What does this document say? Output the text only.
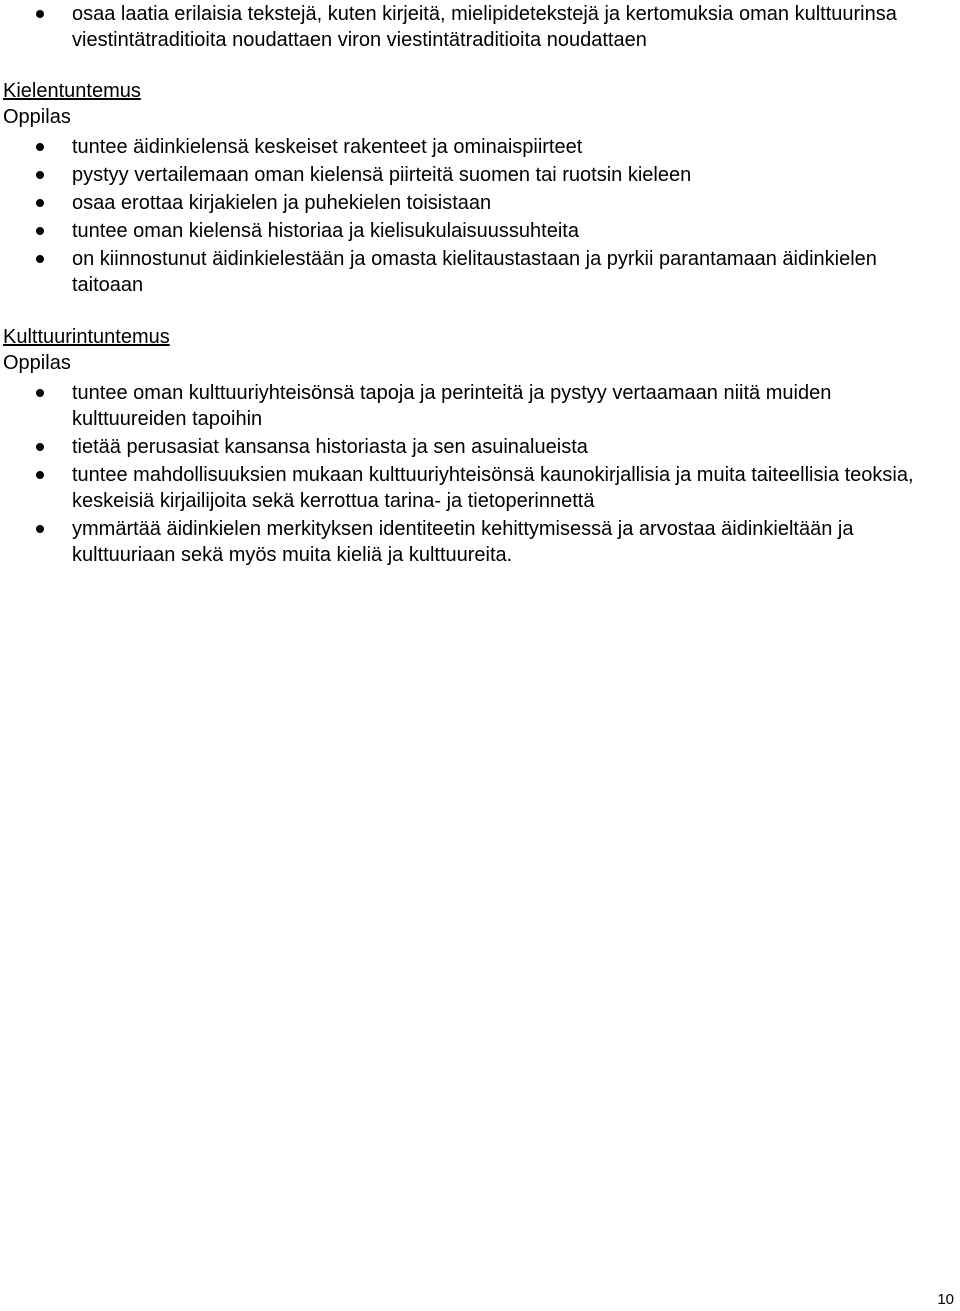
osaa laatia erilaisia tekstejä, kuten kirjeitä, mielipidetekstejä ja kertomuksia oman kulttuurinsa viestintätraditioita noudattaen viron viestintätraditioita noudattaen
Kielentuntemus
Oppilas
tuntee äidinkielensä keskeiset rakenteet ja ominaispiirteet
pystyy vertailemaan oman kielensä piirteitä suomen tai ruotsin kieleen
osaa erottaa kirjakielen ja puhekielen toisistaan
tuntee oman kielensä historiaa ja kielisukulaisuussuhteita
on kiinnostunut äidinkielestään ja omasta kielitaustastaan ja pyrkii parantamaan äidinkielen taitoaan
Kulttuurintuntemus
Oppilas
tuntee oman kulttuuriyhteisönsä tapoja ja perinteitä ja pystyy vertaamaan niitä muiden kulttuureiden tapoihin
tietää perusasiat kansansa historiasta ja sen asuinalueista
tuntee mahdollisuuksien mukaan kulttuuriyhteisönsä kaunokirjallisia ja muita taiteellisia teoksia, keskeisiä kirjailijoita sekä kerrottua tarina- ja tietoperinnettä
ymmärtää äidinkielen merkityksen identiteetin kehittymisessä ja arvostaa äidinkieltään ja kulttuuriaan sekä myös muita kieliä ja kulttuureita.
10
